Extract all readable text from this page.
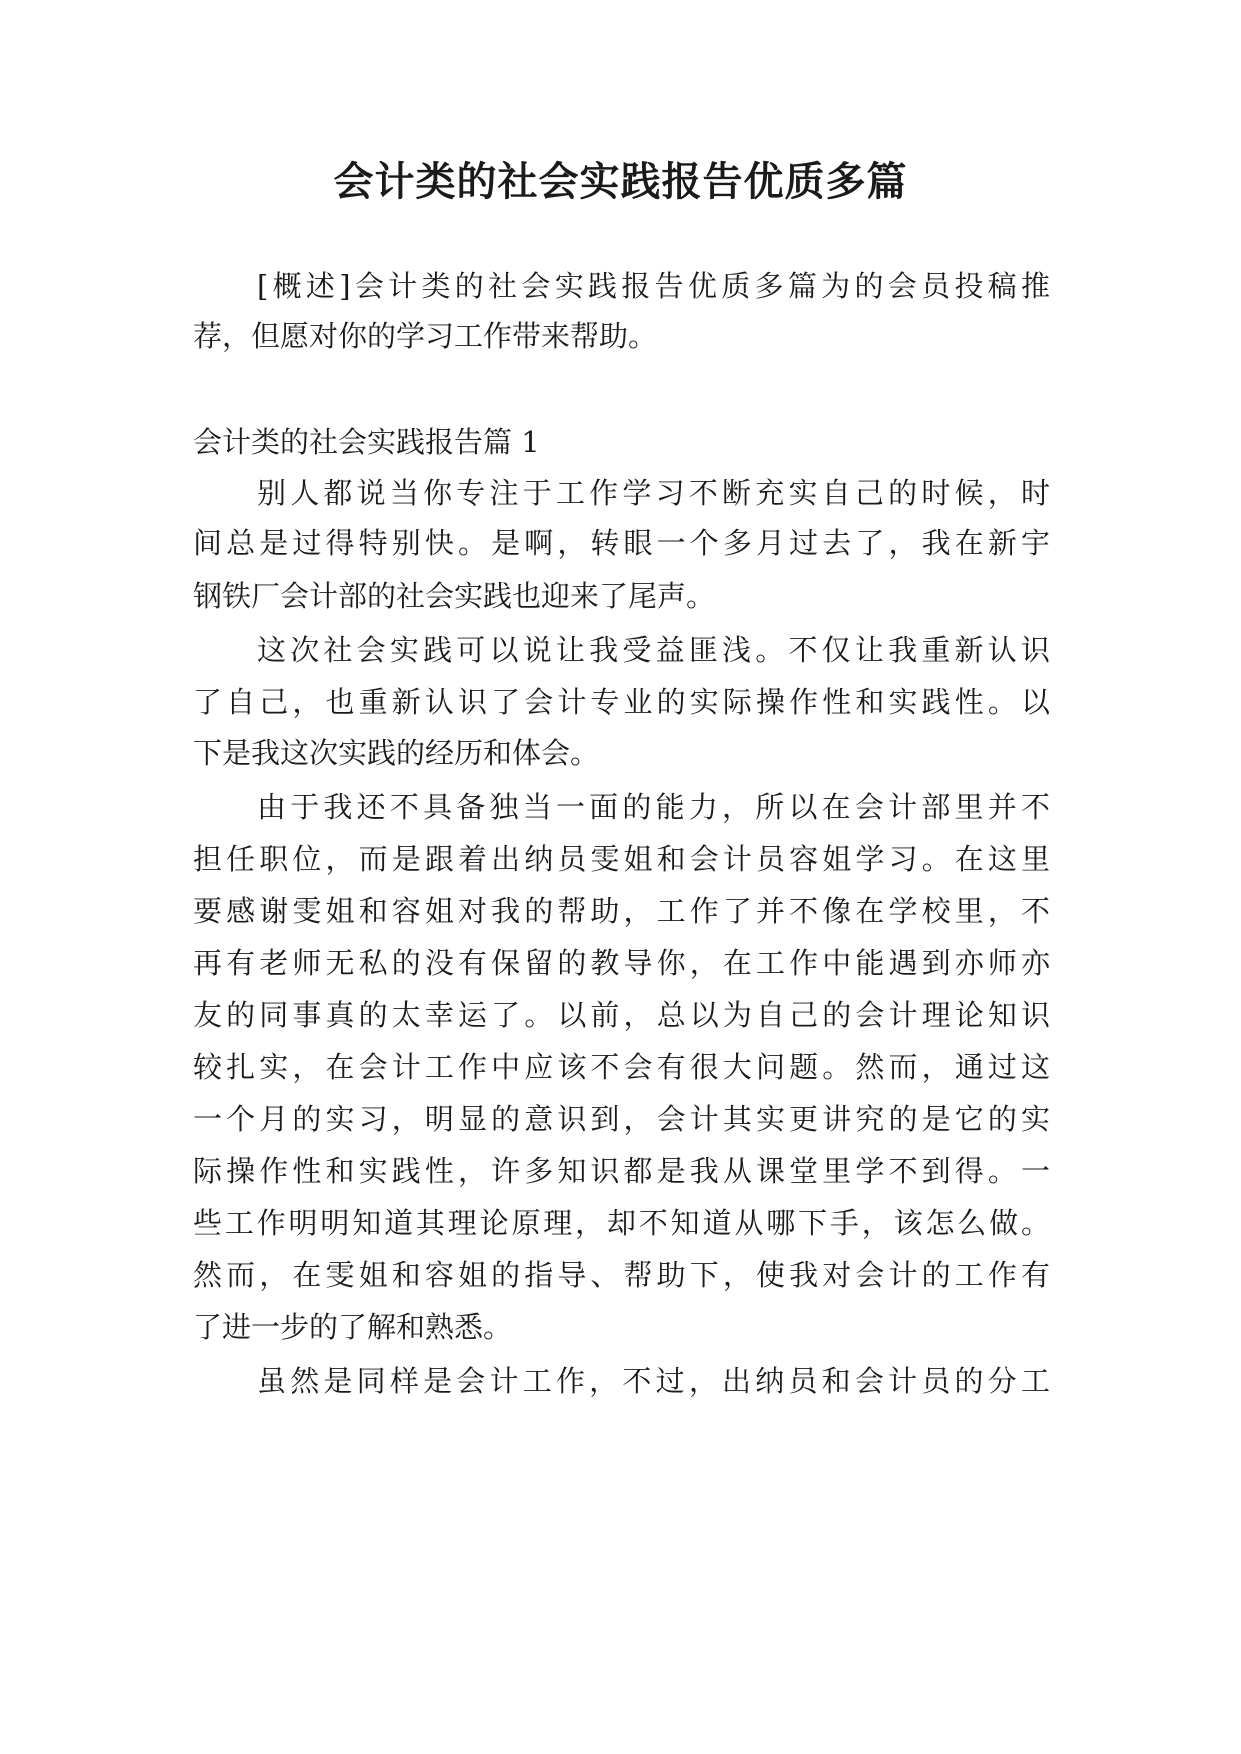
会计类的社会实践报告优质多篇
[概述]会计类的社会实践报告优质多篇为的会员投稿推
荐，但愿对你的学习工作带来帮助。
会计类的社会实践报告篇 1
别人都说当你专注于工作学习不断充实自己的时候，时
间总是过得特别快。是啊，转眼一个多月过去了，我在新宇
钢铁厂会计部的社会实践也迎来了尾声。
这次社会实践可以说让我受益匪浅。不仅让我重新认识
了自己，也重新认识了会计专业的实际操作性和实践性。以
下是我这次实践的经历和体会。
由于我还不具备独当一面的能力，所以在会计部里并不
担任职位，而是跟着出纳员雯姐和会计员容姐学习。在这里
要感谢雯姐和容姐对我的帮助，工作了并不像在学校里，不
再有老师无私的没有保留的教导你，在工作中能遇到亦师亦
友的同事真的太幸运了。以前，总以为自己的会计理论知识
较扎实，在会计工作中应该不会有很大问题。然而，通过这
一个月的实习，明显的意识到，会计其实更讲究的是它的实
际操作性和实践性，许多知识都是我从课堂里学不到得。一
些工作明明知道其理论原理，却不知道从哪下手，该怎么做。
然而，在雯姐和容姐的指导、帮助下，使我对会计的工作有
了进一步的了解和熟悉。
虽然是同样是会计工作，不过，出纳员和会计员的分工
